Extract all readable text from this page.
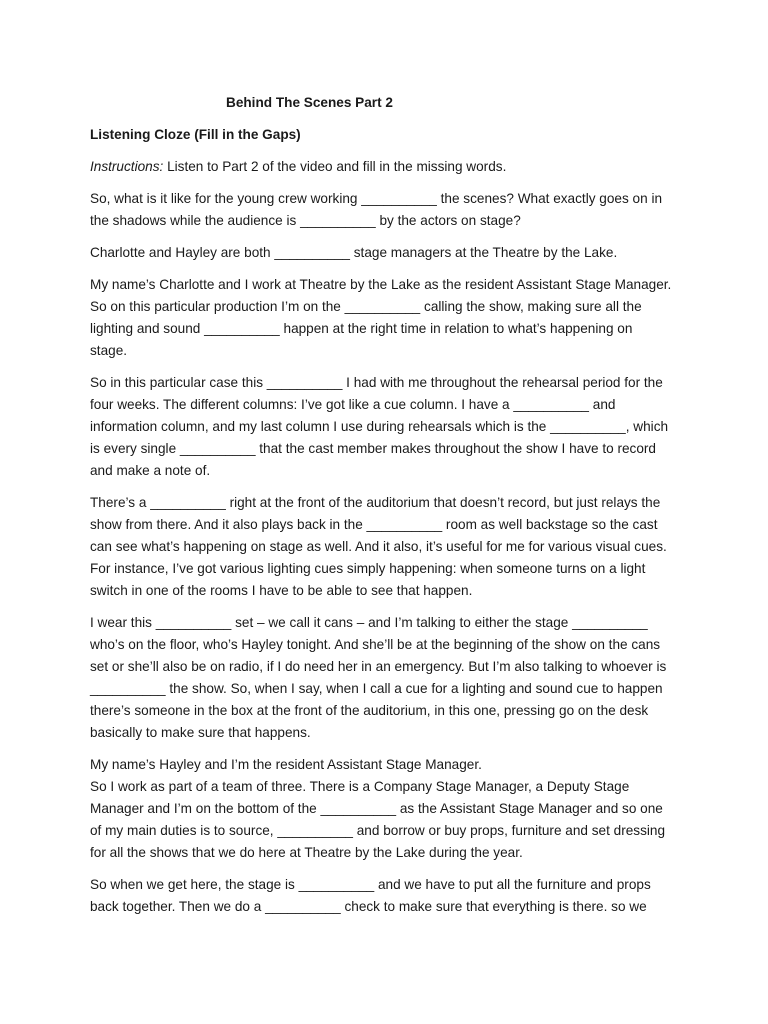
Behind The Scenes Part 2
Listening Cloze (Fill in the Gaps)
Instructions: Listen to Part 2 of the video and fill in the missing words.
So, what is it like for the young crew working __________ the scenes? What exactly goes on in
the shadows while the audience is __________ by the actors on stage?
Charlotte and Hayley are both __________ stage managers at the Theatre by the Lake.
My name’s Charlotte and I work at Theatre by the Lake as the resident Assistant Stage Manager.
So on this particular production I’m on the __________ calling the show, making sure all the
lighting and sound __________ happen at the right time in relation to what’s happening on
stage.
So in this particular case this __________ I had with me throughout the rehearsal period for the
four weeks. The different columns: I’ve got like a cue column. I have a __________ and
information column, and my last column I use during rehearsals which is the __________, which
is every single __________ that the cast member makes throughout the show I have to record
and make a note of.
There’s a __________ right at the front of the auditorium that doesn’t record, but just relays the
show from there. And it also plays back in the __________ room as well backstage so the cast
can see what’s happening on stage as well. And it also, it’s useful for me for various visual cues.
For instance, I’ve got various lighting cues simply happening: when someone turns on a light
switch in one of the rooms I have to be able to see that happen.
I wear this __________ set – we call it cans – and I’m talking to either the stage __________
who’s on the floor, who’s Hayley tonight. And she’ll be at the beginning of the show on the cans
set or she’ll also be on radio, if I do need her in an emergency. But I’m also talking to whoever is
__________ the show. So, when I say, when I call a cue for a lighting and sound cue to happen
there’s someone in the box at the front of the auditorium, in this one, pressing go on the desk
basically to make sure that happens.
My name’s Hayley and I’m the resident Assistant Stage Manager.
So I work as part of a team of three. There is a Company Stage Manager, a Deputy Stage
Manager and I’m on the bottom of the __________ as the Assistant Stage Manager and so one
of my main duties is to source, __________ and borrow or buy props, furniture and set dressing
for all the shows that we do here at Theatre by the Lake during the year.
So when we get here, the stage is __________ and we have to put all the furniture and props
back together. Then we do a __________ check to make sure that everything is there. so we
